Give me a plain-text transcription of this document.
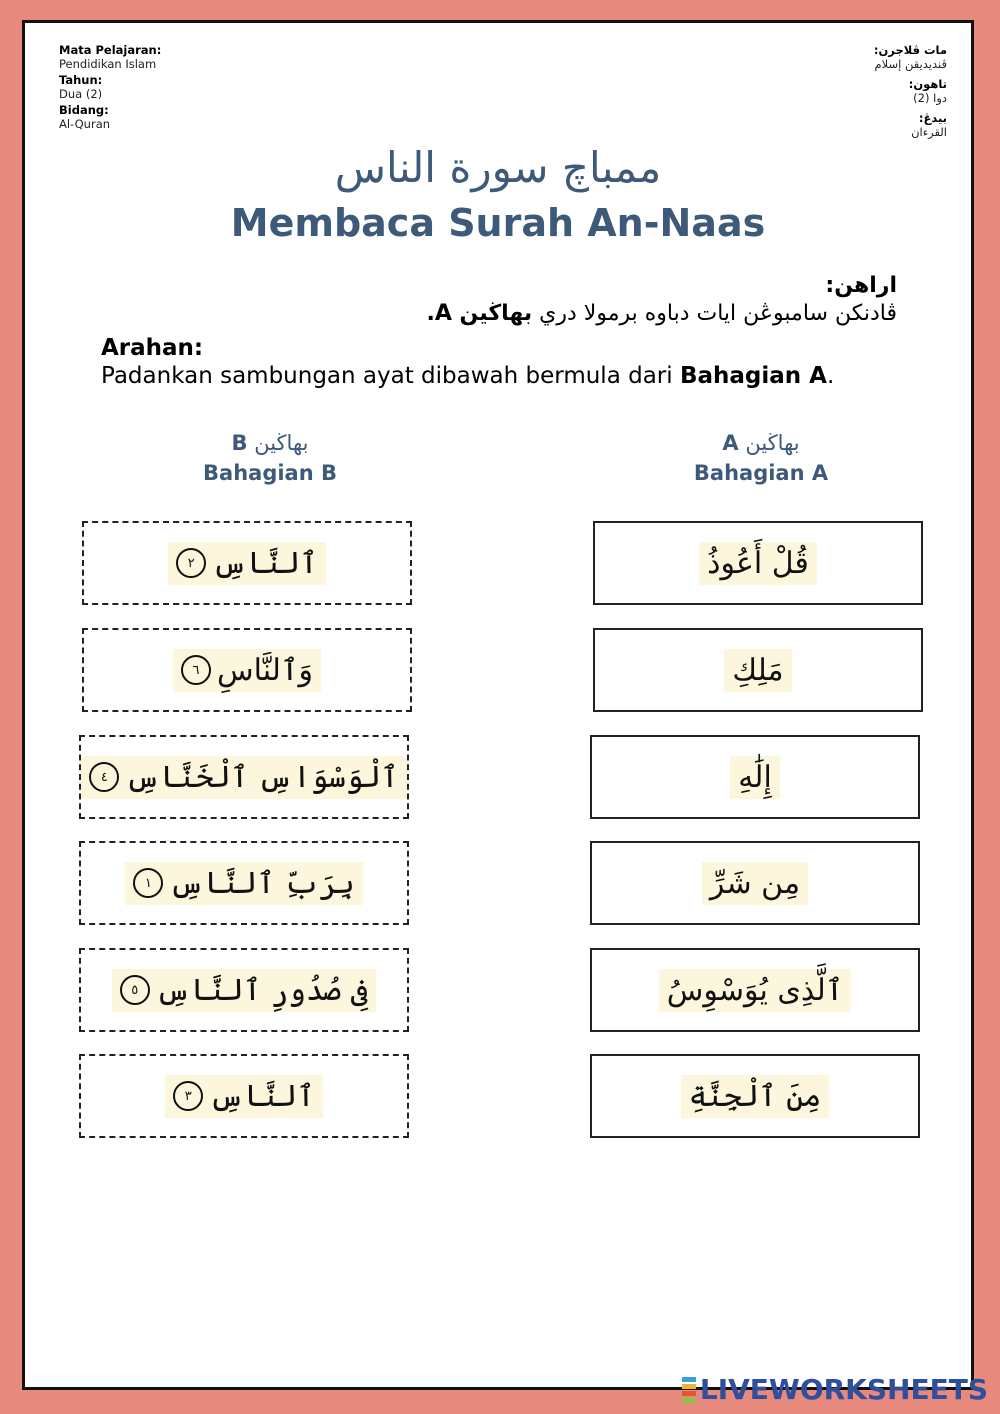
Mata Pelajaran:
Pendidikan Islam
Tahun:
Dua (2)
Bidang:
Al-Quran
مات ڤلاجرن:
ڤنديديقن إسلام
تاهون:
دوا (2)
بيدڠ:
القرءان
ممباچ سورة الناس
Membaca Surah An-Naas
اراهن:
ڤادنكن سامبوڠن ايات دباوه برمولا دري بهاڬين A.
Arahan:
Padankan sambungan ayat dibawah bermula dari Bahagian A.
بهاڬين B
Bahagian B
بهاڬين A
Bahagian A
ٱلنَّاسِ
٢
وَٱلنَّاسِ
٦
ٱلْوَسْوَاسِ ٱلْخَنَّاسِ
٤
بِرَبِّ ٱلنَّاسِ
١
فِى صُدُورِ ٱلنَّاسِ
٥
ٱلنَّاسِ
٣
قُلْ أَعُوذُ
مَلِكِ
إِلَٰهِ
مِن شَرِّ
ٱلَّذِى يُوَسْوِسُ
مِنَ ٱلْجِنَّةِ
LIVEWORKSHEETS
